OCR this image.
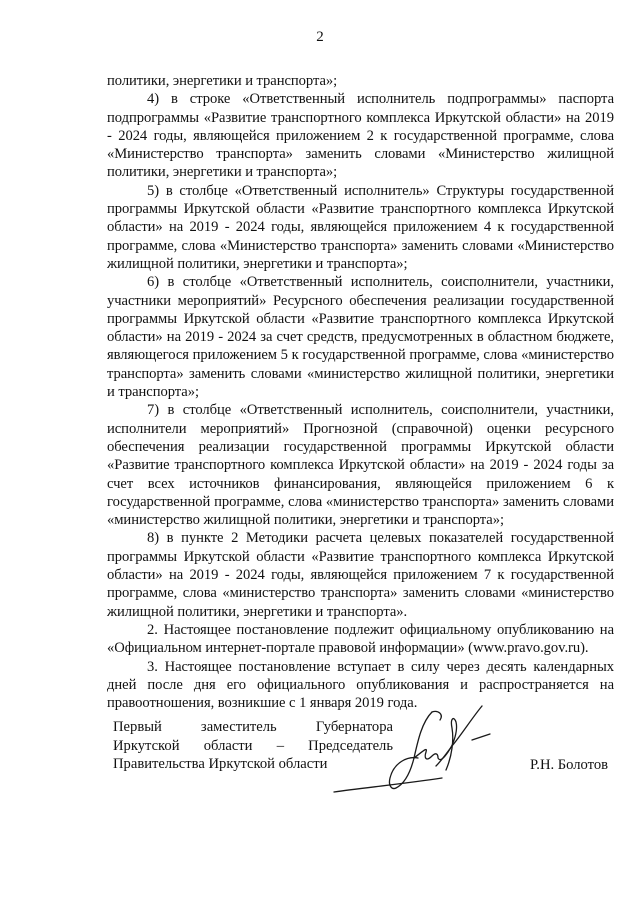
2

политики, энергетики и транспорта»;

4) в строке «Ответственный исполнитель подпрограммы» паспорта подпрограммы «Развитие транспортного комплекса Иркутской области» на 2019 - 2024 годы, являющейся приложением 2 к государственной программе, слова «Министерство транспорта» заменить словами «Министерство жилищной политики, энергетики и транспорта»;

5) в столбце «Ответственный исполнитель» Структуры государственной программы Иркутской области «Развитие транспортного комплекса Иркутской области» на 2019 - 2024 годы, являющейся приложением 4 к государственной программе, слова «Министерство транспорта» заменить словами «Министерство жилищной политики, энергетики и транспорта»;

6) в столбце «Ответственный исполнитель, соисполнители, участники, участники мероприятий» Ресурсного обеспечения реализации государственной программы Иркутской области «Развитие транспортного комплекса Иркутской области» на 2019 - 2024 за счет средств, предусмотренных в областном бюджете, являющегося приложением 5 к государственной программе, слова «министерство транспорта» заменить словами «министерство жилищной политики, энергетики и транспорта»;

7) в столбце «Ответственный исполнитель, соисполнители, участники, исполнители мероприятий» Прогнозной (справочной) оценки ресурсного обеспечения реализации государственной программы Иркутской области «Развитие транспортного комплекса Иркутской области» на 2019 - 2024 годы за счет всех источников финансирования, являющейся приложением 6 к государственной программе, слова «министерство транспорта» заменить словами «министерство жилищной политики, энергетики и транспорта»;

8) в пункте 2 Методики расчета целевых показателей государственной программы Иркутской области «Развитие транспортного комплекса Иркутской области» на 2019 - 2024 годы, являющейся приложением 7 к государственной программе, слова «министерство транспорта» заменить словами «министерство жилищной политики, энергетики и транспорта».

2. Настоящее постановление подлежит официальному опубликованию на «Официальном интернет-портале правовой информации» (www.pravo.gov.ru).

3. Настоящее постановление вступает в силу через десять календарных дней после дня его официального опубликования и распространяется на правоотношения, возникшие с 1 января 2019 года.

Первый заместитель Губернатора
Иркутской области – Председатель
Правительства Иркутской области	Р.Н. Болотов
